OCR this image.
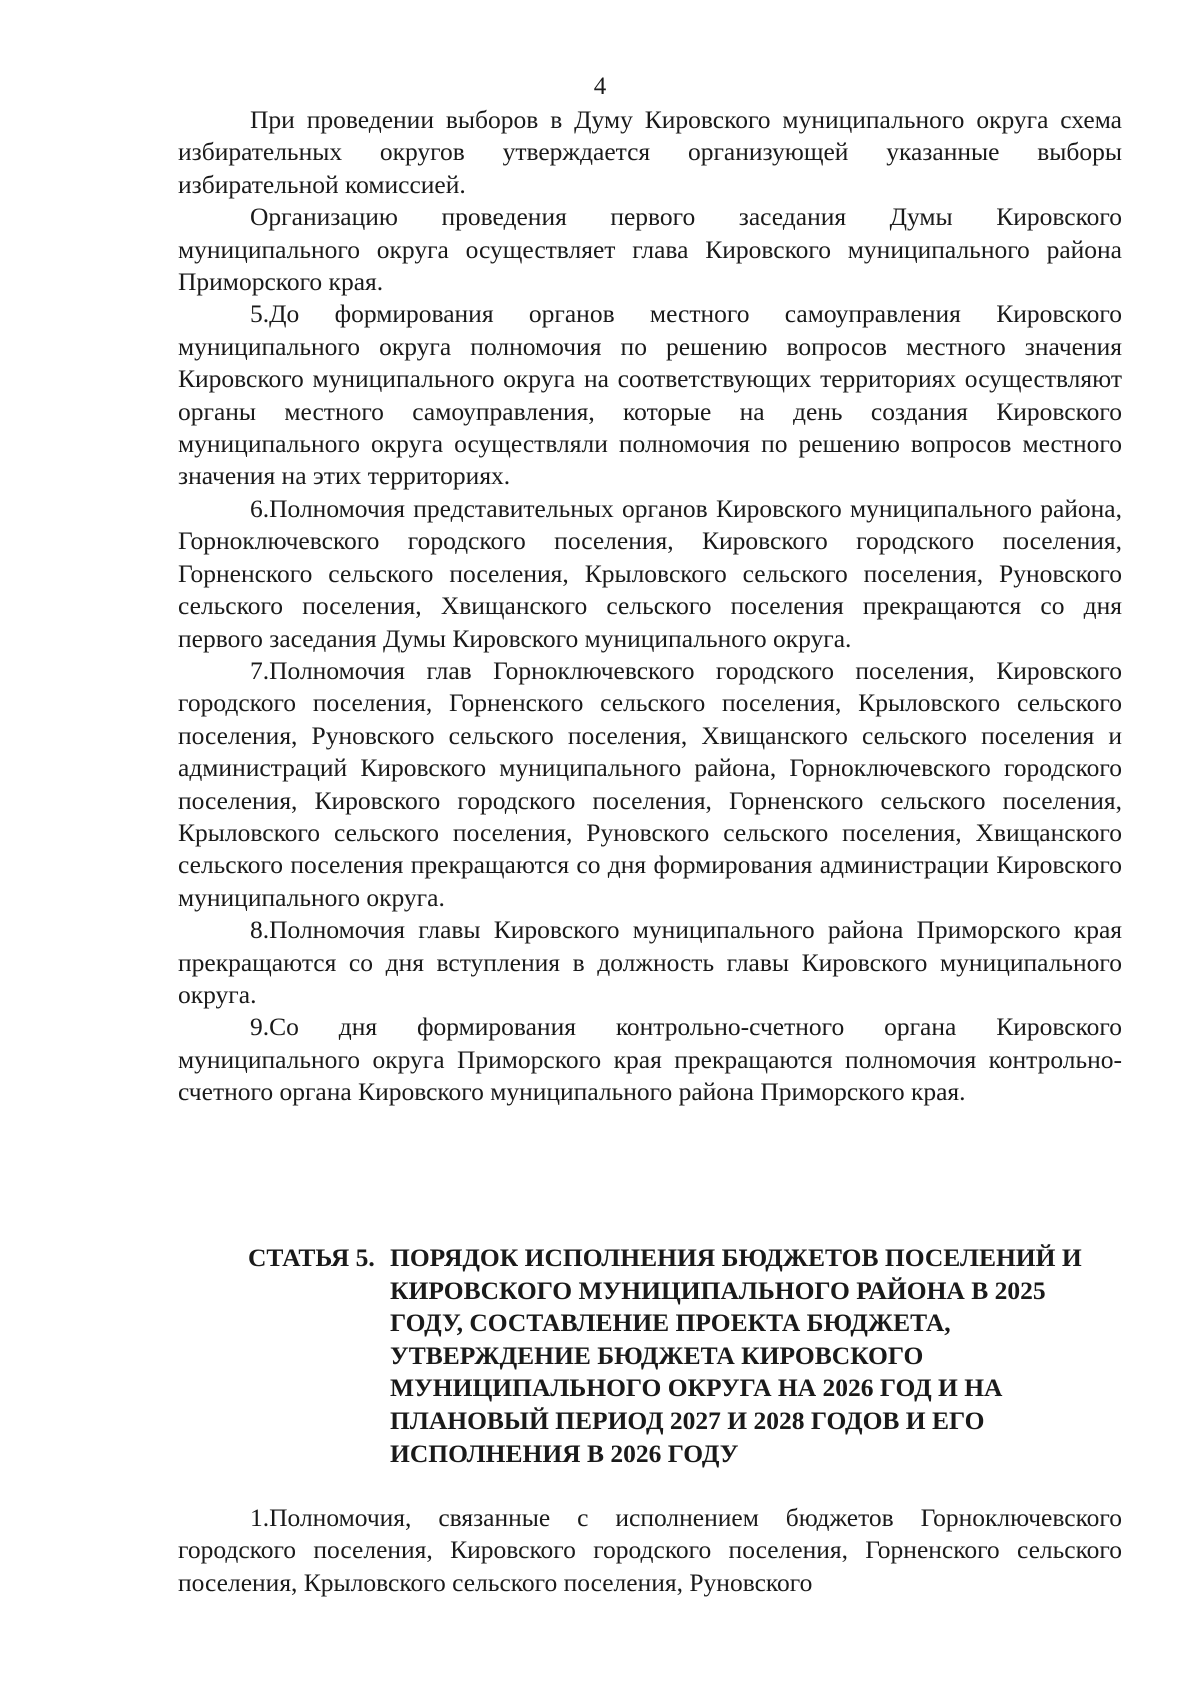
4

При проведении выборов в Думу Кировского муниципального округа схема избирательных округов утверждается организующей указанные выборы избирательной комиссией.

Организацию проведения первого заседания Думы Кировского муниципального округа осуществляет глава Кировского муниципального района Приморского края.

5.До формирования органов местного самоуправления Кировского муниципального округа полномочия по решению вопросов местного значения Кировского муниципального округа на соответствующих территориях осуществляют органы местного самоуправления, которые на день создания Кировского муниципального округа осуществляли полномочия по решению вопросов местного значения на этих территориях.

6.Полномочия представительных органов Кировского муниципального района, Горноключевского городского поселения, Кировского городского поселения, Горненского сельского поселения, Крыловского сельского поселения, Руновского сельского поселения, Хвищанского сельского поселения прекращаются со дня первого заседания Думы Кировского муниципального округа.

7.Полномочия глав Горноключевского городского поселения, Кировского городского поселения, Горненского сельского поселения, Крыловского сельского поселения, Руновского сельского поселения, Хвищанского сельского поселения и администраций Кировского муниципального района, Горноключевского городского поселения, Кировского городского поселения, Горненского сельского поселения, Крыловского сельского поселения, Руновского сельского поселения, Хвищанского сельского поселения прекращаются со дня формирования администрации Кировского муниципального округа.

8.Полномочия главы Кировского муниципального района Приморского края прекращаются со дня вступления в должность главы Кировского муниципального округа.

9.Со дня формирования контрольно-счетного органа Кировского муниципального округа Приморского края прекращаются полномочия контрольно-счетного органа Кировского муниципального района Приморского края.

СТАТЬЯ 5. ПОРЯДОК ИСПОЛНЕНИЯ БЮДЖЕТОВ ПОСЕЛЕНИЙ И КИРОВСКОГО МУНИЦИПАЛЬНОГО РАЙОНА В 2025 ГОДУ, СОСТАВЛЕНИЕ ПРОЕКТА БЮДЖЕТА, УТВЕРЖДЕНИЕ БЮДЖЕТА КИРОВСКОГО МУНИЦИПАЛЬНОГО ОКРУГА НА 2026 ГОД И НА ПЛАНОВЫЙ ПЕРИОД 2027 И 2028 ГОДОВ И ЕГО ИСПОЛНЕНИЯ В 2026 ГОДУ

1.Полномочия, связанные с исполнением бюджетов Горноключевского городского поселения, Кировского городского поселения, Горненского сельского поселения, Крыловского сельского поселения, Руновского
